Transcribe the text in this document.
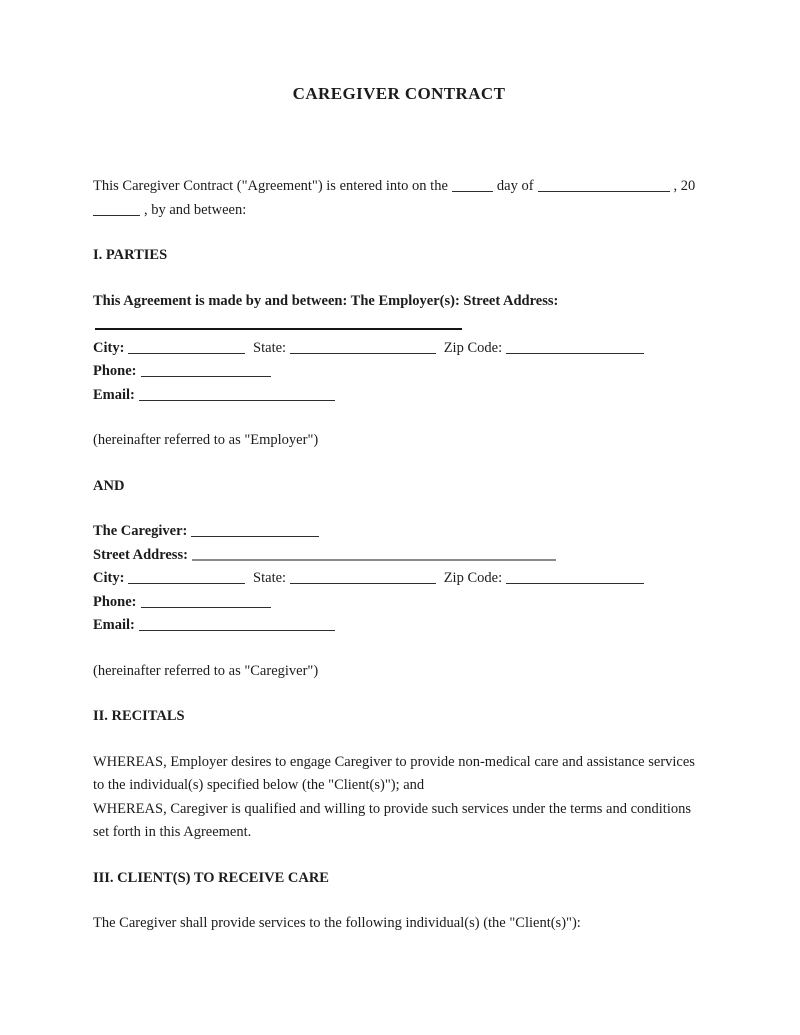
CAREGIVER CONTRACT
This Caregiver Contract ("Agreement") is entered into on the	day of	, 20
, by and between:
I. PARTIES
This Agreement is made by and between: The Employer(s): Street Address:
City:	State:	Zip Code:
Phone:
Email:
(hereinafter referred to as "Employer")
AND
The Caregiver:
Street Address:
City:	State:	Zip Code:
Phone:
Email:
(hereinafter referred to as "Caregiver")
II. RECITALS

WHEREAS, Employer desires to engage Caregiver to provide non-medical care and assistance services to the individual(s) specified below (the "Client(s)"); and

WHEREAS, Caregiver is qualified and willing to provide such services under the terms and conditions set forth in this Agreement.

III. CLIENT(S) TO RECEIVE CARE
The Caregiver shall provide services to the following individual(s) (the "Client(s)"):
